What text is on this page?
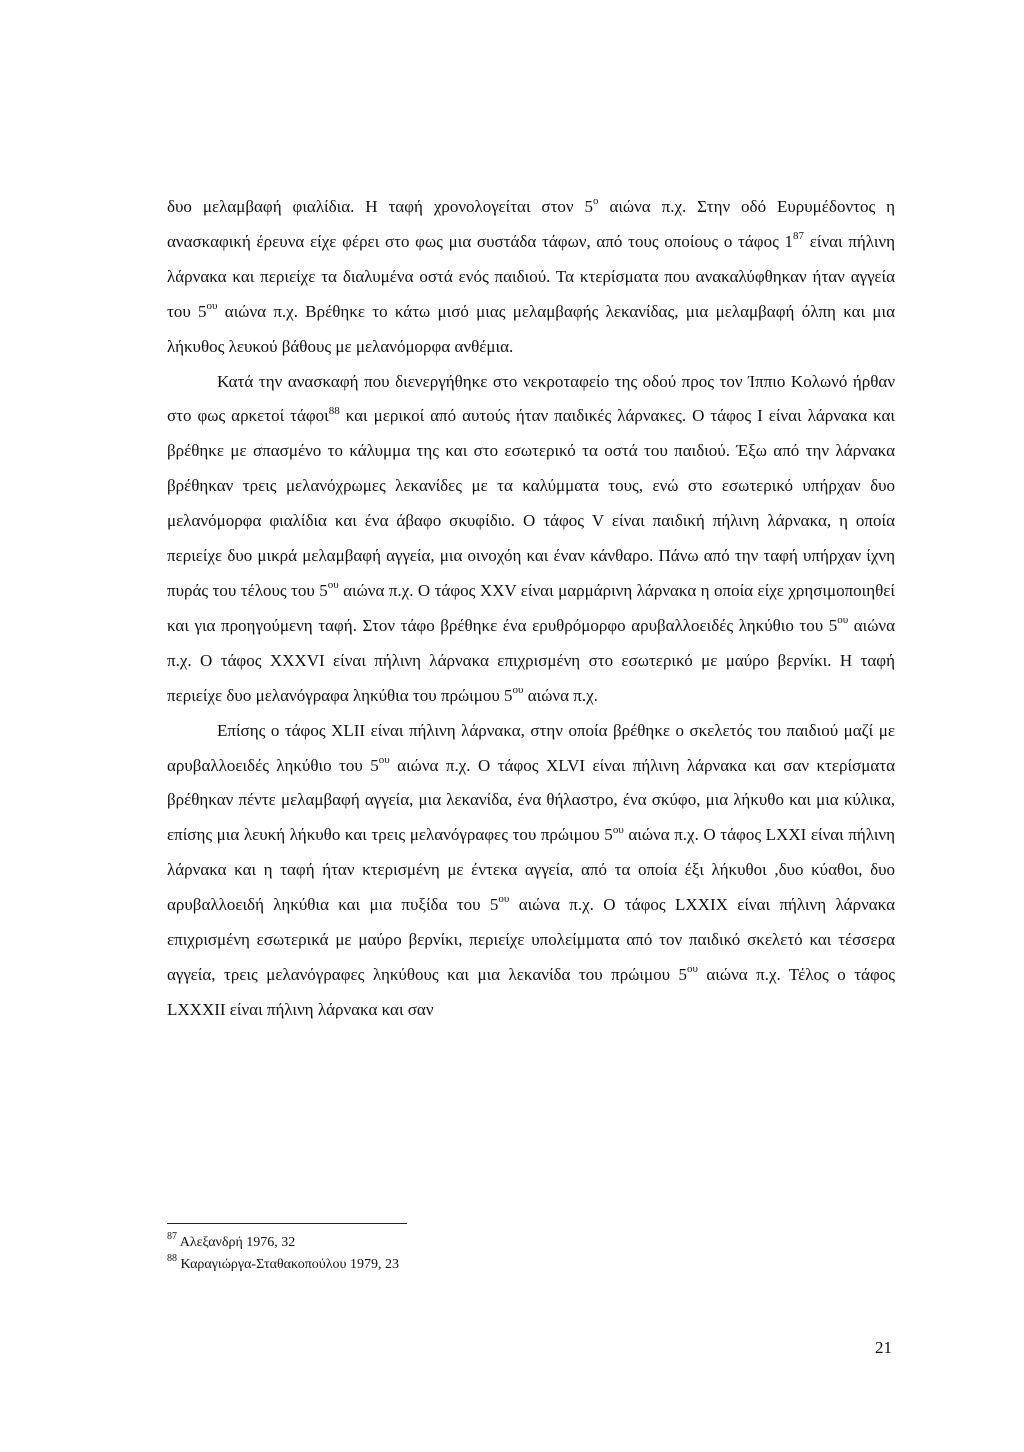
δυο μελαμβαφή φιαλίδια. Η ταφή χρονολογείται στον $5^o$ αιώνα π.χ. Στην οδό Ευρυμέδοντος η ανασκαφική έρευνα είχε φέρει στο φως μια συστάδα τάφων, από τους οποίους ο τάφος $1^{87}$ είναι πήλινη λάρνακα και περιείχε τα διαλυμένα οστά ενός παιδιού. Τα κτερίσματα που ανακαλύφθηκαν ήταν αγγεία του $5^{o\upsilon}$ αιώνα π.χ. Βρέθηκε το κάτω μισό μιας μελαμβαφής λεκανίδας, μια μελαμβαφή όλπη και μια λήκυθος λευκού βάθους με μελανόμορφα ανθέμια.

Κατά την ανασκαφή που διενεργήθηκε στο νεκροταφείο της οδού προς τον Ίππιο Κολωνό ήρθαν στο φως αρκετοί τάφοι$^{88}$ και μερικοί από αυτούς ήταν παιδικές λάρνακες. Ο τάφος Ι είναι λάρνακα και βρέθηκε με σπασμένο το κάλυμμα της και στο εσωτερικό τα οστά του παιδιού. Έξω από την λάρνακα βρέθηκαν τρεις μελανόχρωμες λεκανίδες με τα καλύμματα τους, ενώ στο εσωτερικό υπήρχαν δυο μελανόμορφα φιαλίδια και ένα άβαφο σκυφίδιο. Ο τάφος V είναι παιδική πήλινη λάρνακα, η οποία περιείχε δυο μικρά μελαμβαφή αγγεία, μια οινοχόη και έναν κάνθαρο. Πάνω από την ταφή υπήρχαν ίχνη πυράς του τέλους του $5^{o\upsilon}$ αιώνα π.χ. Ο τάφος XXV είναι μαρμάρινη λάρνακα η οποία είχε χρησιμοποιηθεί και για προηγούμενη ταφή. Στον τάφο βρέθηκε ένα ερυθρόμορφο αρυβαλλοειδές ληκύθιο του $5^{o\upsilon}$ αιώνα π.χ. Ο τάφος XXXVI είναι πήλινη λάρνακα επιχρισμένη στο εσωτερικό με μαύρο βερνίκι. Η ταφή περιείχε δυο μελανόγραφα ληκύθια του πρώιμου $5^{o\upsilon}$ αιώνα π.χ.

Επίσης ο τάφος XLII είναι πήλινη λάρνακα, στην οποία βρέθηκε ο σκελετός του παιδιού μαζί με αρυβαλλοειδές ληκύθιο του $5^{o\upsilon}$ αιώνα π.χ. Ο τάφος XLVI είναι πήλινη λάρνακα και σαν κτερίσματα βρέθηκαν πέντε μελαμβαφή αγγεία, μια λεκανίδα, ένα θήλαστρο, ένα σκύφο, μια λήκυθο και μια κύλικα, επίσης μια λευκή λήκυθο και τρεις μελανόγραφες του πρώιμου $5^{o\upsilon}$ αιώνα π.χ. Ο τάφος LXXI είναι πήλινη λάρνακα και η ταφή ήταν κτερισμένη με έντεκα αγγεία, από τα οποία έξι λήκυθοι ,δυο κύαθοι, δυο αρυβαλλοειδή ληκύθια και μια πυξίδα του $5^{o\upsilon}$ αιώνα π.χ. Ο τάφος LXXIX είναι πήλινη λάρνακα επιχρισμένη εσωτερικά με μαύρο βερνίκι, περιείχε υπολείμματα από τον παιδικό σκελετό και τέσσερα αγγεία, τρεις μελανόγραφες ληκύθους και μια λεκανίδα του πρώιμου $5^{o\upsilon}$ αιώνα π.χ. Τέλος ο τάφος LXXXII είναι πήλινη λάρνακα και σαν

$^{87}$ Αλεξανδρή 1976, 32
$^{88}$ Καραγιώργα-Σταθακοπούλου 1979, 23
21
